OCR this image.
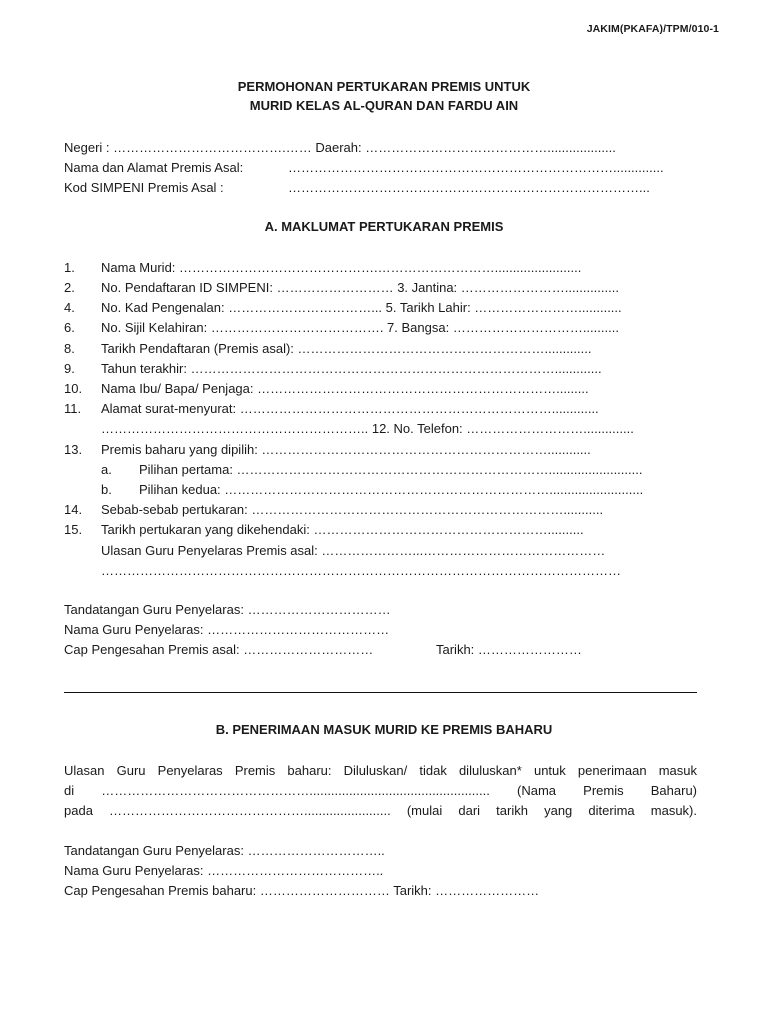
JAKIM(PKAFA)/TPM/010-1
PERMOHONAN PERTUKARAN PREMIS UNTUK
MURID KELAS AL-QURAN DAN FARDU AIN
Negeri : ………………………………….…… Daerah: ……………………………………...................
Nama dan Alamat Premis Asal:	…………………………………………………………………..............
Kod SIMPENI Premis Asal :	………………………………………………………………………...
A. MAKLUMAT PERTUKARAN PREMIS
1. Nama Murid: ……………………………………….………………………........................
2. No. Pendaftaran ID SIMPENI: ……………………… 3. Jantina: ……………………...............
4. No. Kad Pengenalan: ……………………………... 5. Tarikh Lahir: ……………………............
6. No. Sijil Kelahiran: …………………………………. 7. Bangsa: …………………………..........
8. Tarikh Pendaftaran (Premis asal): ………………………………………………….............
9. Tahun terakhir: ………………………………………………………………………….............
10. Nama Ibu/ Bapa/ Penjaga: …………………………………………………………….........
11. Alamat surat-menyurat: ……………………………………………………………….............
…………………………………………………….. 12. No. Telefon: ………………………..............
13. Premis baharu yang dipilih: …………………………………………………………............
a. Pilihan pertama: ………………………………………………………………..........................
b. Pilihan kedua: …………………………………………………………………..........................
14. Sebab-sebab pertukaran: ………………………………………………………………...........
15. Tarikh pertukaran yang dikehendaki: ………………………………………………..........
Ulasan Guru Penyelaras Premis asal: …………………...……………………………………
…………………………………………………………………………………………………………
Tandatangan Guru Penyelaras: ……………………………
Nama Guru Penyelaras: ……………………………………
Cap Pengesahan Premis asal: …………………………	Tarikh: ……………………
B. PENERIMAAN MASUK MURID KE PREMIS BAHARU
Ulasan Guru Penyelaras Premis baharu: Diluluskan/ tidak diluluskan* untuk penerimaan masuk
di ………………………………………….................................................. (Nama Premis Baharu)
pada ………………………………………........................ (mulai dari tarikh yang diterima masuk).
Tandatangan Guru Penyelaras: …………………………..
Nama Guru Penyelaras: …………………………………..
Cap Pengesahan Premis baharu: ………………………… Tarikh: ……………………
